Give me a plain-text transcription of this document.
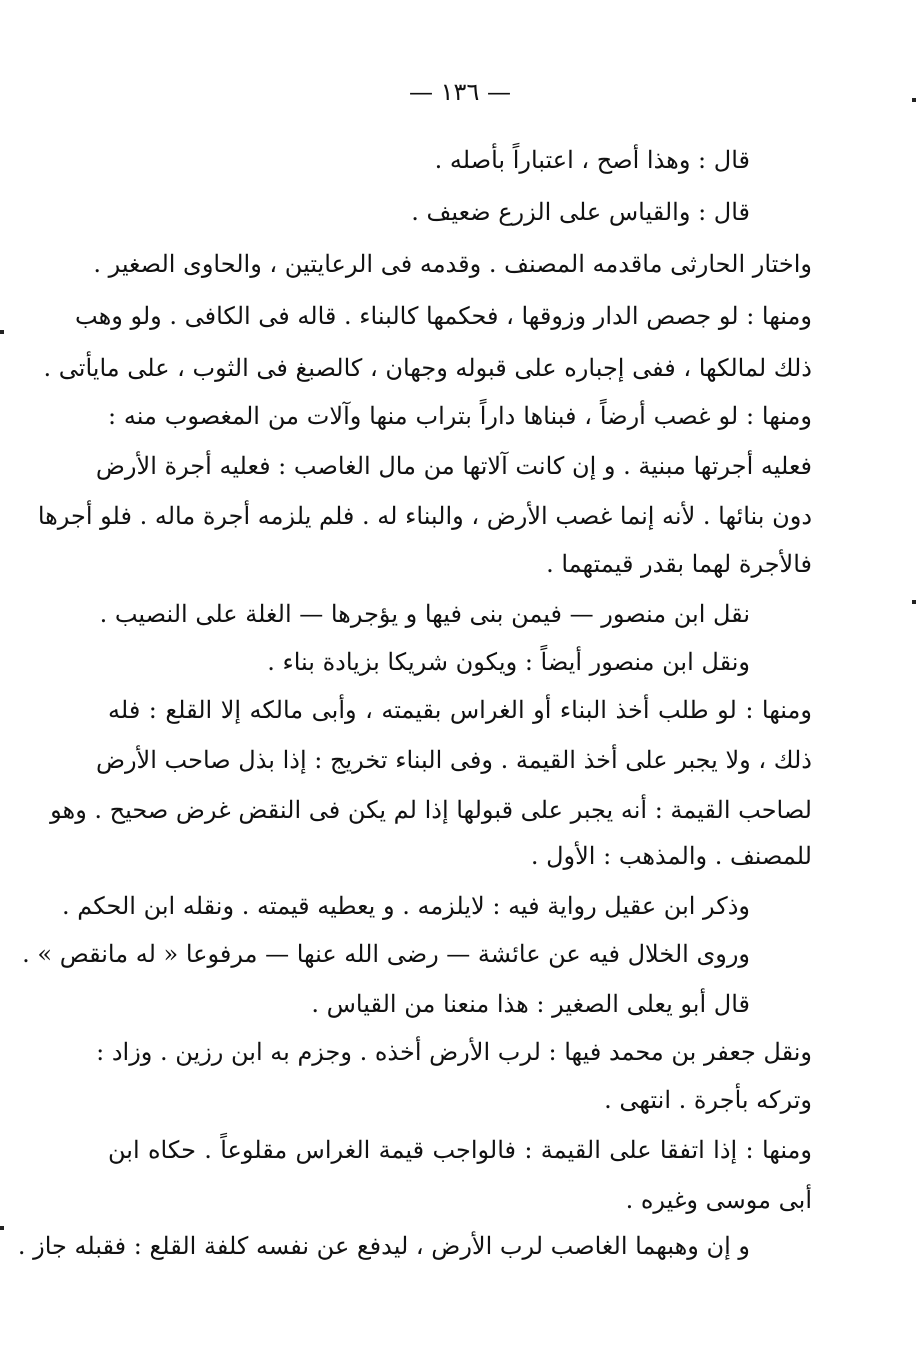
— ١٣٦ —
قال : وهذا أصح ، اعتباراً بأصله .
قال : والقياس على الزرع ضعيف .
واختار الحارثى ماقدمه المصنف . وقدمه فى الرعايتين ، والحاوى الصغير .
ومنها : لو جصص الدار وزوقها ، فحكمها كالبناء . قاله فى الكافى . ولو وهب
ذلك لمالكها ، ففى إجباره على قبوله وجهان ، كالصبغ فى الثوب ، على مايأتى .
ومنها : لو غصب أرضاً ، فبناها داراً بتراب منها وآلات من المغصوب منه :
فعليه أجرتها مبنية . و إن كانت آلاتها من مال الغاصب : فعليه أجرة الأرض
دون بنائها . لأنه إنما غصب الأرض ، والبناء له . فلم يلزمه أجرة ماله . فلو أجرها
فالأجرة لهما بقدر قيمتهما .
نقل ابن منصور — فيمن بنى فيها و يؤجرها — الغلة على النصيب .
ونقل ابن منصور أيضاً : ويكون شريكا بزيادة بناء .
ومنها : لو طلب أخذ البناء أو الغراس بقيمته ، وأبى مالكه إلا القلع : فله
ذلك ، ولا يجبر على أخذ القيمة . وفى البناء تخريج : إذا بذل صاحب الأرض
لصاحب القيمة : أنه يجبر على قبولها إذا لم يكن فى النقض غرض صحيح . وهو
للمصنف . والمذهب : الأول .
وذكر ابن عقيل رواية فيه : لايلزمه . و يعطيه قيمته . ونقله ابن الحكم .
وروى الخلال فيه عن عائشة — رضى الله عنها — مرفوعا « له مانقص » .
قال أبو يعلى الصغير : هذا منعنا من القياس .
ونقل جعفر بن محمد فيها : لرب الأرض أخذه . وجزم به ابن رزين . وزاد :
وتركه بأجرة . انتهى .
ومنها : إذا اتفقا على القيمة : فالواجب قيمة الغراس مقلوعاً . حكاه ابن
أبى موسى وغيره .
و إن وهبهما الغاصب لرب الأرض ، ليدفع عن نفسه كلفة القلع : فقبله جاز .
